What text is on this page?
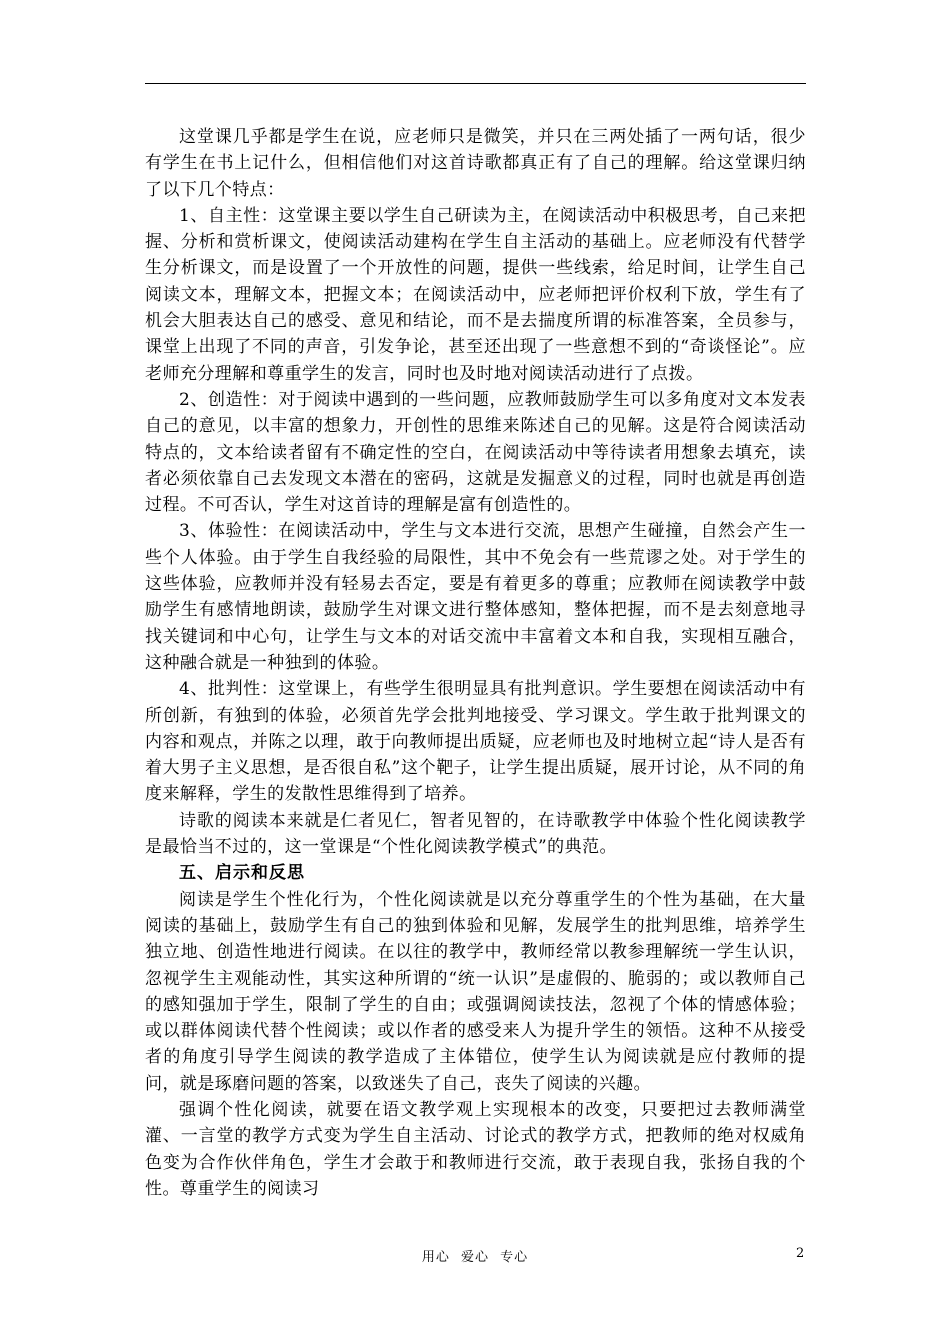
这堂课几乎都是学生在说，应老师只是微笑，并只在三两处插了一两句话，很少有学生在书上记什么，但相信他们对这首诗歌都真正有了自己的理解。给这堂课归纳了以下几个特点：

1、自主性：这堂课主要以学生自己研读为主，在阅读活动中积极思考，自己来把握、分析和赏析课文，使阅读活动建构在学生自主活动的基础上。应老师没有代替学生分析课文，而是设置了一个开放性的问题，提供一些线索，给足时间，让学生自己阅读文本，理解文本，把握文本；在阅读活动中，应老师把评价权利下放，学生有了机会大胆表达自己的感受、意见和结论，而不是去揣度所谓的标准答案，全员参与，课堂上出现了不同的声音，引发争论，甚至还出现了一些意想不到的“奇谈怪论”。应老师充分理解和尊重学生的发言，同时也及时地对阅读活动进行了点拨。

2、创造性：对于阅读中遇到的一些问题，应教师鼓励学生可以多角度对文本发表自己的意见，以丰富的想象力，开创性的思维来陈述自己的见解。这是符合阅读活动特点的，文本给读者留有不确定性的空白，在阅读活动中等待读者用想象去填充，读者必须依靠自己去发现文本潜在的密码，这就是发掘意义的过程，同时也就是再创造过程。不可否认，学生对这首诗的理解是富有创造性的。

3、体验性：在阅读活动中，学生与文本进行交流，思想产生碰撞，自然会产生一些个人体验。由于学生自我经验的局限性，其中不免会有一些荒谬之处。对于学生的这些体验，应教师并没有轻易去否定，要是有着更多的尊重；应教师在阅读教学中鼓励学生有感情地朗读，鼓励学生对课文进行整体感知，整体把握，而不是去刻意地寻找关键词和中心句，让学生与文本的对话交流中丰富着文本和自我，实现相互融合，这种融合就是一种独到的体验。

4、批判性：这堂课上，有些学生很明显具有批判意识。学生要想在阅读活动中有所创新，有独到的体验，必须首先学会批判地接受、学习课文。学生敢于批判课文的内容和观点，并陈之以理，敢于向教师提出质疑，应老师也及时地树立起“诗人是否有着大男子主义思想，是否很自私”这个靶子，让学生提出质疑，展开讨论，从不同的角度来解释，学生的发散性思维得到了培养。

诗歌的阅读本来就是仁者见仁，智者见智的，在诗歌教学中体验个性化阅读教学是最恰当不过的，这一堂课是“个性化阅读教学模式”的典范。

五、启示和反思

阅读是学生个性化行为，个性化阅读就是以充分尊重学生的个性为基础，在大量阅读的基础上，鼓励学生有自己的独到体验和见解，发展学生的批判思维，培养学生独立地、创造性地进行阅读。在以往的教学中，教师经常以教参理解统一学生认识，忽视学生主观能动性，其实这种所谓的“统一认识”是虚假的、脆弱的；或以教师自己的感知强加于学生，限制了学生的自由；或强调阅读技法，忽视了个体的情感体验；或以群体阅读代替个性阅读；或以作者的感受来人为提升学生的领悟。这种不从接受者的角度引导学生阅读的教学造成了主体错位，使学生认为阅读就是应付教师的提问，就是琢磨问题的答案，以致迷失了自己，丧失了阅读的兴趣。

强调个性化阅读，就要在语文教学观上实现根本的改变，只要把过去教师满堂灌、一言堂的教学方式变为学生自主活动、讨论式的教学方式，把教师的绝对权威角色变为合作伙伴角色，学生才会敢于和教师进行交流，敢于表现自我，张扬自我的个性。尊重学生的阅读习

用心 爱心 专心	2
